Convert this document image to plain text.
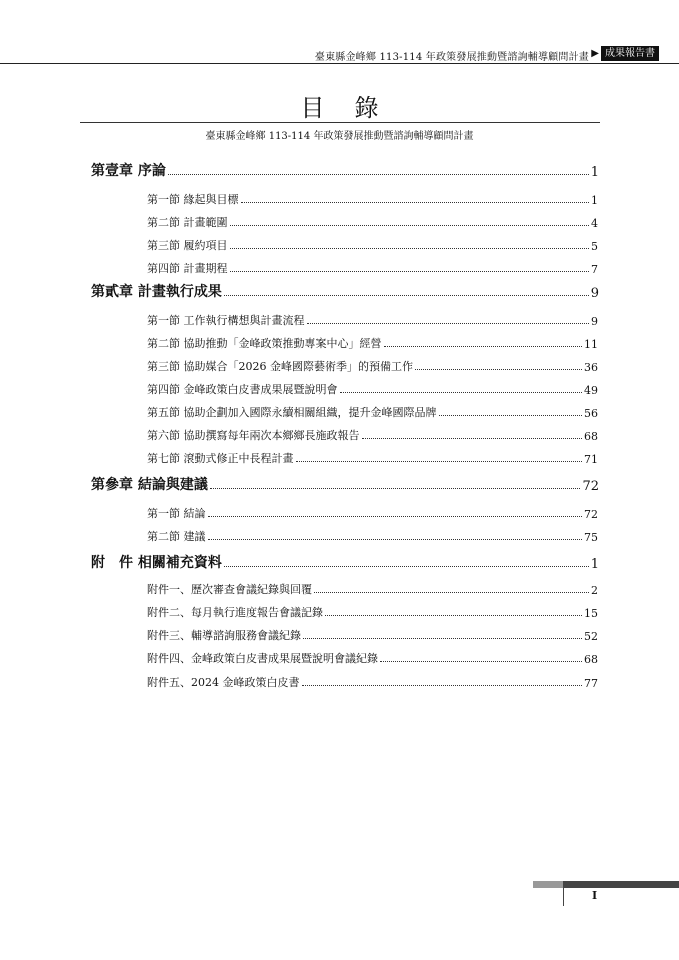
臺東縣金峰鄉 113-114 年政策發展推動暨諮詢輔導顧問計畫 ▶ 成果報告書
目錄
臺東縣金峰鄉 113-114 年政策發展推動暨諮詢輔導顧問計畫
第壹章 序論	1
第一節 緣起與目標	1
第二節 計畫範圍	4
第三節 履約項目	5
第四節 計畫期程	7
第貳章 計畫執行成果	9
第一節 工作執行構想與計畫流程	9
第二節 協助推動「金峰政策推動專案中心」經營	11
第三節 協助媒合「2026 金峰國際藝術季」的預備工作	36
第四節 金峰政策白皮書成果展暨說明會	49
第五節 協助企劃加入國際永續相關組織，提升金峰國際品牌	56
第六節 協助撰寫每年兩次本鄉鄉長施政報告	68
第七節 滾動式修正中長程計畫	71
第參章 結論與建議	72
第一節 結論	72
第二節 建議	75
附　件 相關補充資料	1
附件一、歷次審查會議紀錄與回覆	2
附件二、每月執行進度報告會議記錄	15
附件三、輔導諮詢服務會議紀錄	52
附件四、金峰政策白皮書成果展暨說明會議紀錄	68
附件五、2024 金峰政策白皮書	77
I
